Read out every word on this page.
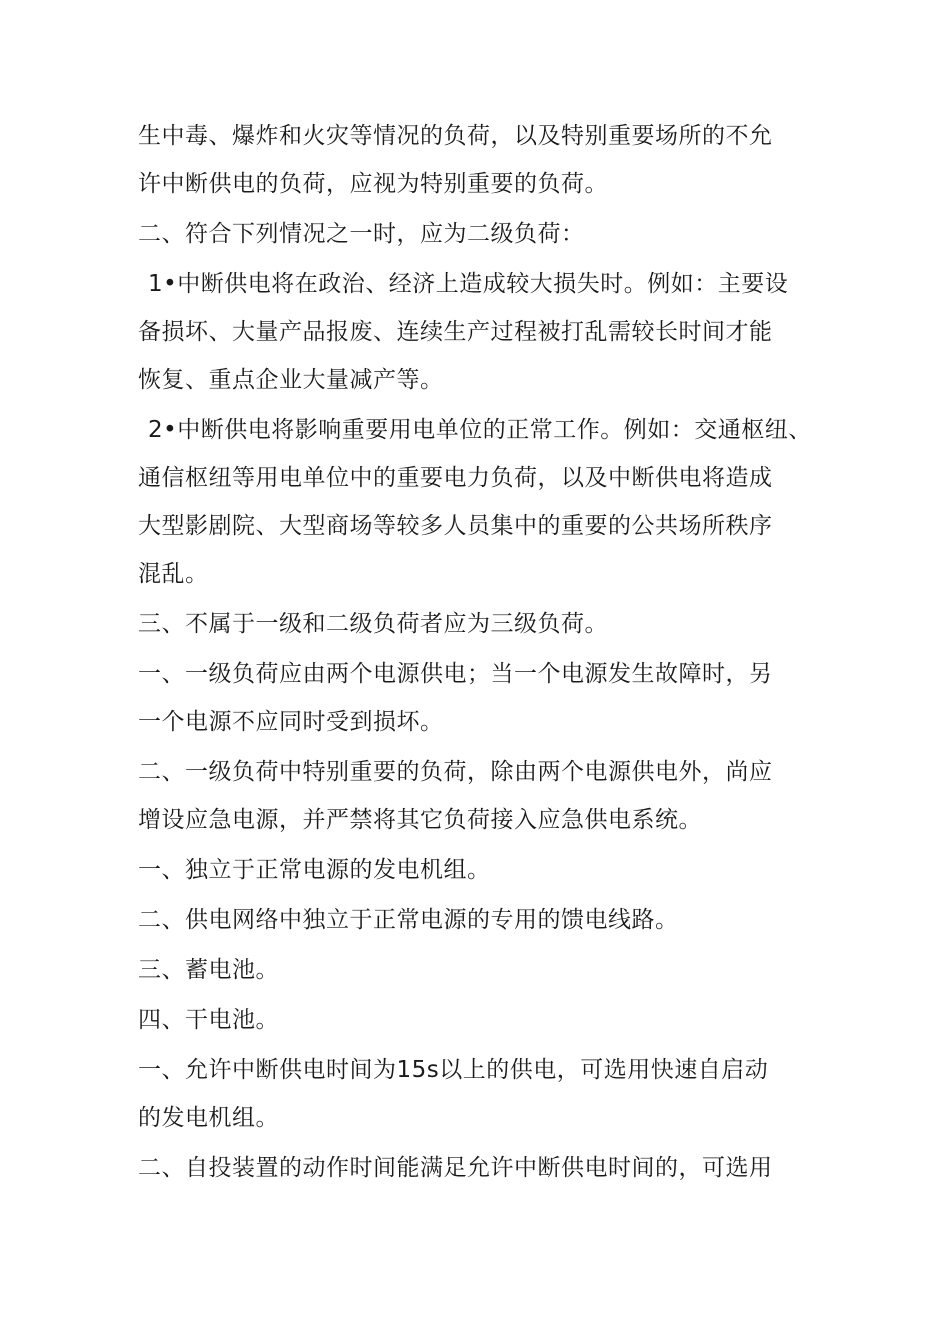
生中毒、爆炸和火灾等情况的负荷，以及特别重要场所的不允
许中断供电的负荷，应视为特别重要的负荷。
二、符合下列情况之一时，应为二级负荷：
1•中断供电将在政治、经济上造成较大损失时。例如：主要设
备损坏、大量产品报废、连续生产过程被打乱需较长时间才能
恢复、重点企业大量减产等。
2•中断供电将影响重要用电单位的正常工作。例如：交通枢纽、
通信枢纽等用电单位中的重要电力负荷，以及中断供电将造成
大型影剧院、大型商场等较多人员集中的重要的公共场所秩序
混乱。
三、不属于一级和二级负荷者应为三级负荷。
一、一级负荷应由两个电源供电；当一个电源发生故障时，另
一个电源不应同时受到损坏。
二、一级负荷中特别重要的负荷，除由两个电源供电外，尚应
增设应急电源，并严禁将其它负荷接入应急供电系统。
一、独立于正常电源的发电机组。
二、供电网络中独立于正常电源的专用的馈电线路。
三、蓄电池。
四、干电池。
一、允许中断供电时间为15s以上的供电，可选用快速自启动
的发电机组。
二、自投装置的动作时间能满足允许中断供电时间的，可选用
